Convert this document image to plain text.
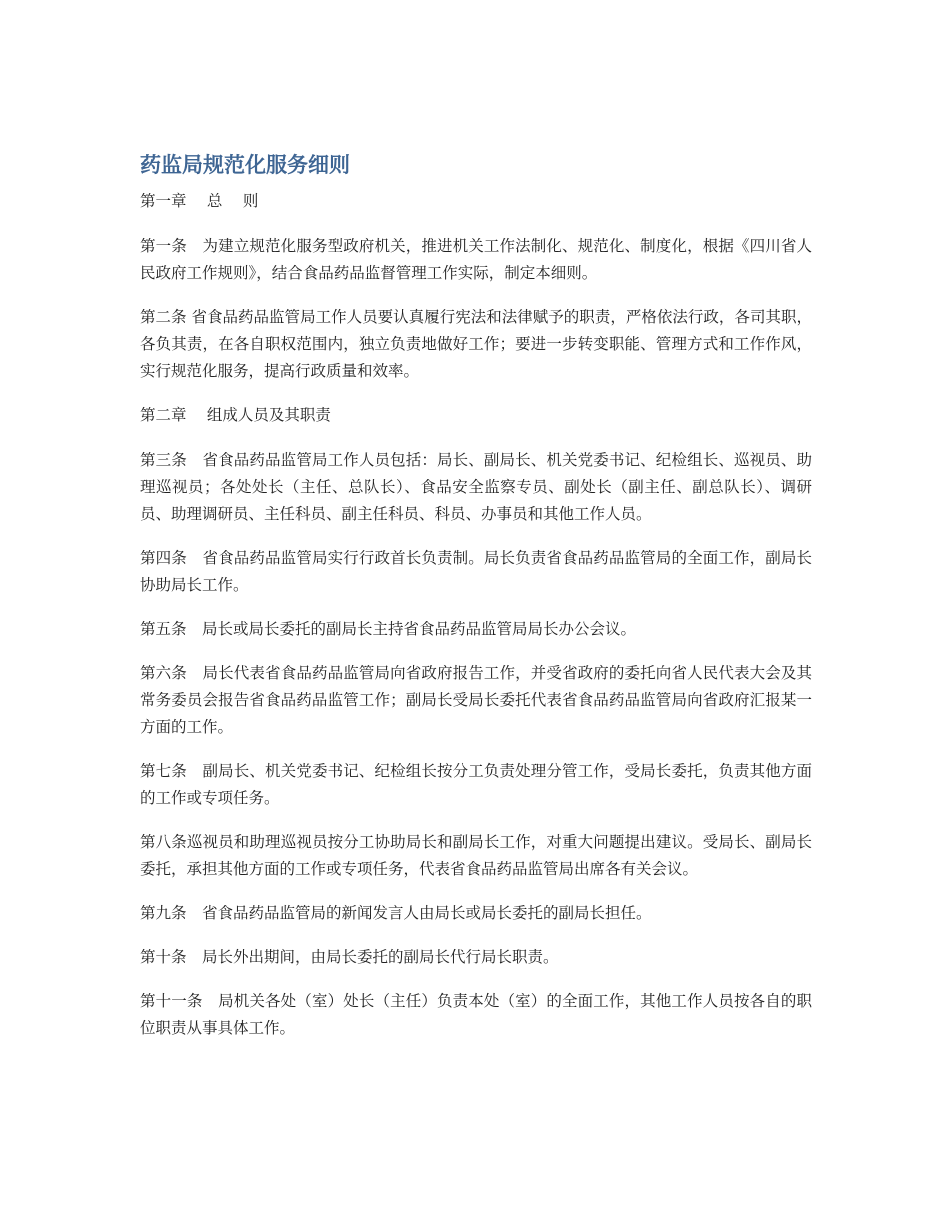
药监局规范化服务细则

第一章　 总　 则

第一条　为建立规范化服务型政府机关，推进机关工作法制化、规范化、制度化，根据《四川省人民政府工作规则》，结合食品药品监督管理工作实际，制定本细则。

第二条 省食品药品监管局工作人员要认真履行宪法和法律赋予的职责，严格依法行政，各司其职，各负其责，在各自职权范围内，独立负责地做好工作；要进一步转变职能、管理方式和工作作风，实行规范化服务，提高行政质量和效率。

第二章　 组成人员及其职责

第三条　省食品药品监管局工作人员包括：局长、副局长、机关党委书记、纪检组长、巡视员、助理巡视员；各处处长（主任、总队长）、食品安全监察专员、副处长（副主任、副总队长）、调研员、助理调研员、主任科员、副主任科员、科员、办事员和其他工作人员。

第四条　省食品药品监管局实行行政首长负责制。局长负责省食品药品监管局的全面工作，副局长协助局长工作。

第五条　局长或局长委托的副局长主持省食品药品监管局局长办公会议。

第六条　局长代表省食品药品监管局向省政府报告工作，并受省政府的委托向省人民代表大会及其常务委员会报告省食品药品监管工作；副局长受局长委托代表省食品药品监管局向省政府汇报某一方面的工作。

第七条　副局长、机关党委书记、纪检组长按分工负责处理分管工作，受局长委托，负责其他方面的工作或专项任务。

第八条巡视员和助理巡视员按分工协助局长和副局长工作，对重大问题提出建议。受局长、副局长委托，承担其他方面的工作或专项任务，代表省食品药品监管局出席各有关会议。

第九条　省食品药品监管局的新闻发言人由局长或局长委托的副局长担任。

第十条　局长外出期间，由局长委托的副局长代行局长职责。

第十一条　局机关各处（室）处长（主任）负责本处（室）的全面工作，其他工作人员按各自的职位职责从事具体工作。
